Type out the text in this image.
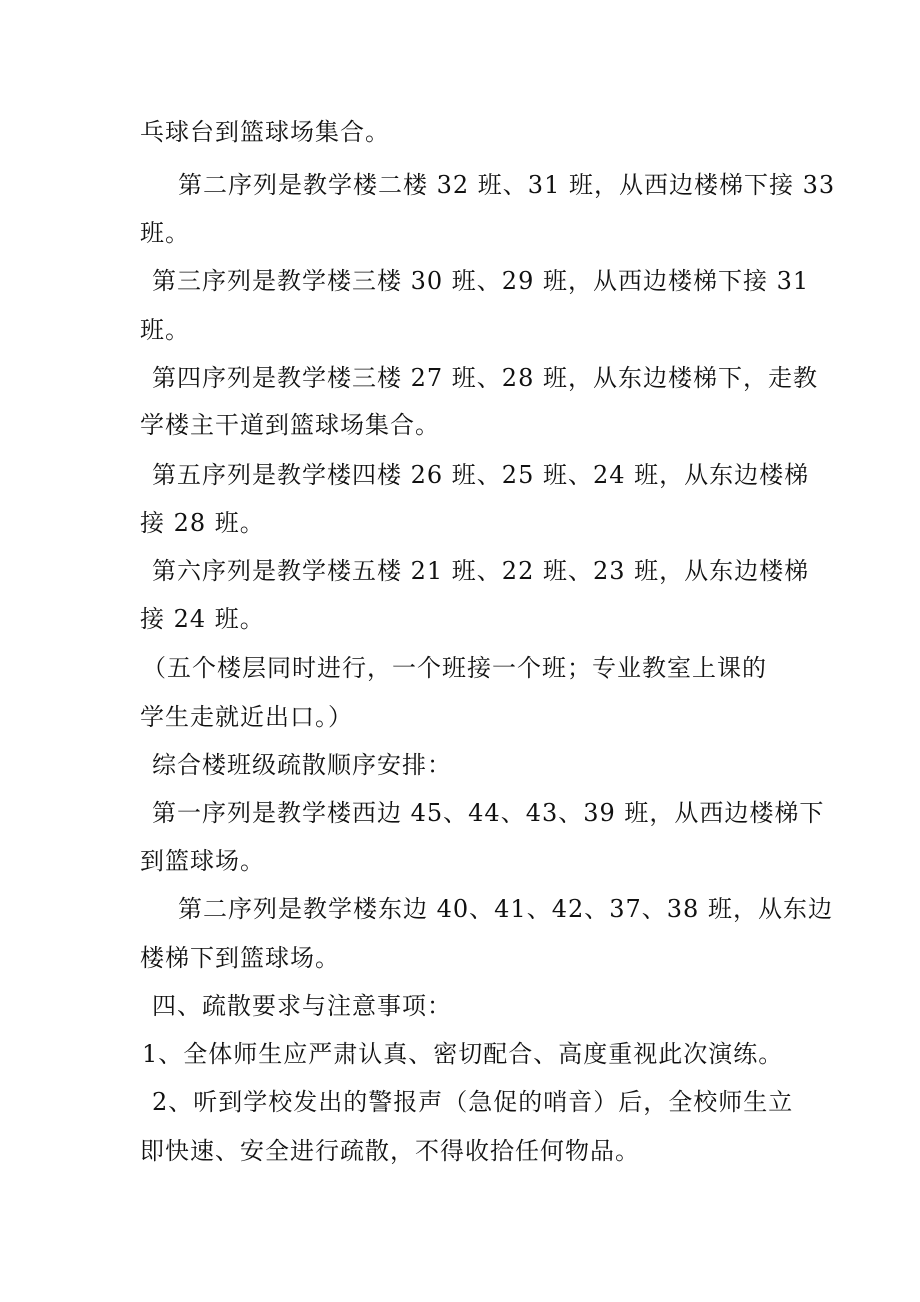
乓球台到篮球场集合。
第二序列是教学楼二楼 32 班、31 班，从西边楼梯下接 33
班。
第三序列是教学楼三楼 30 班、29 班，从西边楼梯下接 31
班。
第四序列是教学楼三楼 27 班、28 班，从东边楼梯下，走教
学楼主干道到篮球场集合。
第五序列是教学楼四楼 26 班、25 班、24 班，从东边楼梯
接 28 班。
第六序列是教学楼五楼 21 班、22 班、23 班，从东边楼梯
接 24 班。
（五个楼层同时进行，一个班接一个班；专业教室上课的
学生走就近出口。）
综合楼班级疏散顺序安排：
第一序列是教学楼西边 45、44、43、39 班，从西边楼梯下
到篮球场。
第二序列是教学楼东边 40、41、42、37、38 班，从东边
楼梯下到篮球场。
四、疏散要求与注意事项：
1、全体师生应严肃认真、密切配合、高度重视此次演练。
2、听到学校发出的警报声（急促的哨音）后，全校师生立
即快速、安全进行疏散，不得收拾任何物品。
